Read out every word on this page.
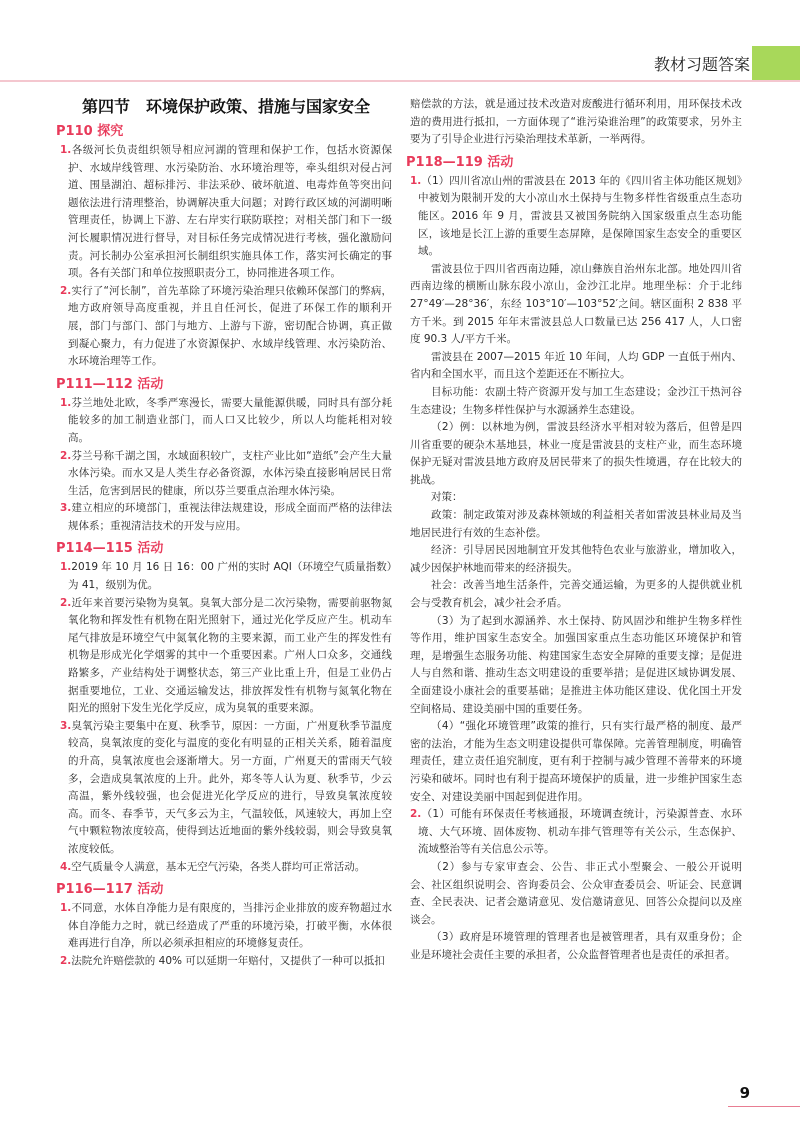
教材习题答案
第四节　环境保护政策、措施与国家安全
P110 探究

1.各级河长负责组织领导相应河湖的管理和保护工作，包括水资源保护、水域岸线管理、水污染防治、水环境治理等，牵头组织对侵占河道、围垦湖泊、超标排污、非法采砂、破坏航道、电毒炸鱼等突出问题依法进行清理整治，协调解决重大问题；对跨行政区域的河湖明晰管理责任，协调上下游、左右岸实行联防联控；对相关部门和下一级河长履职情况进行督导，对目标任务完成情况进行考核，强化激励问责。河长制办公室承担河长制组织实施具体工作，落实河长确定的事项。各有关部门和单位按照职责分工，协同推进各项工作。

2.实行了“河长制”，首先革除了环境污染治理只依赖环保部门的弊病，地方政府领导高度重视，并且自任河长，促进了环保工作的顺利开展，部门与部门、部门与地方、上游与下游，密切配合协调，真正做到凝心聚力，有力促进了水资源保护、水域岸线管理、水污染防治、水环境治理等工作。

P111—112 活动

1.芬兰地处北欧，冬季严寒漫长，需要大量能源供暖，同时具有部分耗能较多的加工制造业部门，而人口又比较少，所以人均能耗相对较高。

2.芬兰号称千湖之国，水域面积较广，支柱产业比如“造纸”会产生大量水体污染。而水又是人类生存必备资源，水体污染直接影响居民日常生活，危害到居民的健康，所以芬兰要重点治理水体污染。

3.建立相应的环境部门，重视法律法规建设，形成全面而严格的法律法规体系；重视清洁技术的开发与应用。

P114—115 活动

1.2019 年 10 月 16 日 16：00 广州的实时 AQI（环境空气质量指数）为 41，级别为优。

2.近年来首要污染物为臭氧。臭氧大部分是二次污染物，需要前驱物氮氧化物和挥发性有机物在阳光照射下，通过光化学反应产生。机动车尾气排放是环境空气中氮氧化物的主要来源，而工业产生的挥发性有机物是形成光化学烟雾的其中一个重要因素。广州人口众多，交通线路繁多，产业结构处于调整状态，第三产业比重上升，但是工业仍占据重要地位，工业、交通运输发达，排放挥发性有机物与氮氧化物在阳光的照射下发生光化学反应，成为臭氧的重要来源。

3.臭氧污染主要集中在夏、秋季节，原因：一方面，广州夏秋季节温度较高，臭氧浓度的变化与温度的变化有明显的正相关关系，随着温度的升高，臭氧浓度也会逐渐增大。另一方面，广州夏天的雷雨天气较多，会造成臭氧浓度的上升。此外，郑冬等人认为夏、秋季节，少云高温，紫外线较强，也会促进光化学反应的进行，导致臭氧浓度较高。而冬、春季节，天气多云为主，气温较低，风速较大，再加上空气中颗粒物浓度较高，使得到达近地面的紫外线较弱，则会导致臭氧浓度较低。

4.空气质量令人满意，基本无空气污染，各类人群均可正常活动。

P116—117 活动

1.不同意，水体自净能力是有限度的，当排污企业排放的废弃物超过水体自净能力之时，就已经造成了严重的环境污染，打破平衡，水体很难再进行自净，所以必须承担相应的环境修复责任。

2.法院允许赔偿款的 40% 可以延期一年赔付，又提供了一种可以抵扣

赔偿款的方法，就是通过技术改造对废酸进行循环利用，用环保技术改造的费用进行抵扣，一方面体现了“谁污染谁治理”的政策要求，另外主要为了引导企业进行污染治理技术革新，一举两得。

P118—119 活动

1.（1）四川省凉山州的雷波县在 2013 年的《四川省主体功能区规划》中被划为限制开发的大小凉山水土保持与生物多样性省级重点生态功能区。2016 年 9 月，雷波县又被国务院纳入国家级重点生态功能区，该地是长江上游的重要生态屏障，是保障国家生态安全的重要区域。

雷波县位于四川省西南边陲，凉山彝族自治州东北部。地处四川省西南边缘的横断山脉东段小凉山，金沙江北岸。地理坐标：介于北纬 27°49′—28°36′，东经 103°10′—103°52′之间。辖区面积 2 838 平方千米。到 2015 年年末雷波县总人口数量已达 256 417 人，人口密度 90.3 人/平方千米。

雷波县在 2007—2015 年近 10 年间，人均 GDP 一直低于州内、省内和全国水平，而且这个差距还在不断拉大。

目标功能：农副土特产资源开发与加工生态建设；金沙江干热河谷生态建设；生物多样性保护与水源涵养生态建设。

（2）例：以林地为例，雷波县经济水平相对较为落后，但曾是四川省重要的硬杂木基地县，林业一度是雷波县的支柱产业，而生态环境保护无疑对雷波县地方政府及居民带来了的损失性境遇，存在比较大的挑战。

对策：

政策：制定政策对涉及森林领域的利益相关者如雷波县林业局及当地居民进行有效的生态补偿。

经济：引导居民因地制宜开发其他特色农业与旅游业，增加收入，减少因保护林地而带来的经济损失。

社会：改善当地生活条件，完善交通运输，为更多的人提供就业机会与受教育机会，减少社会矛盾。

（3）为了起到水源涵养、水土保持、防风固沙和维护生物多样性等作用，维护国家生态安全。加强国家重点生态功能区环境保护和管理，是增强生态服务功能、构建国家生态安全屏障的重要支撑；是促进人与自然和谐、推动生态文明建设的重要举措；是促进区域协调发展、全面建设小康社会的重要基础；是推进主体功能区建设、优化国土开发空间格局、建设美丽中国的重要任务。

（4）“强化环境管理”政策的推行，只有实行最严格的制度、最严密的法治，才能为生态文明建设提供可靠保障。完善管理制度，明确管理责任，建立责任追究制度，更有利于控制与减少管理不善带来的环境污染和破坏。同时也有利于提高环境保护的质量，进一步维护国家生态安全、对建设美丽中国起到促进作用。

2.（1）可能有环保责任考核通报，环境调查统计，污染源普查、水环境、大气环境、固体废物、机动车排气管理等有关公示，生态保护、流域整治等有关信息公示等。

（2）参与专家审查会、公告、非正式小型聚会、一般公开说明会、社区组织说明会、咨询委员会、公众审查委员会、听证会、民意调查、全民表决、记者会邀请意见、发信邀请意见、回答公众提问以及座谈会。

（3）政府是环境管理的管理者也是被管理者，具有双重身份；企业是环境社会责任主要的承担者，公众监督管理者也是责任的承担者。

9
